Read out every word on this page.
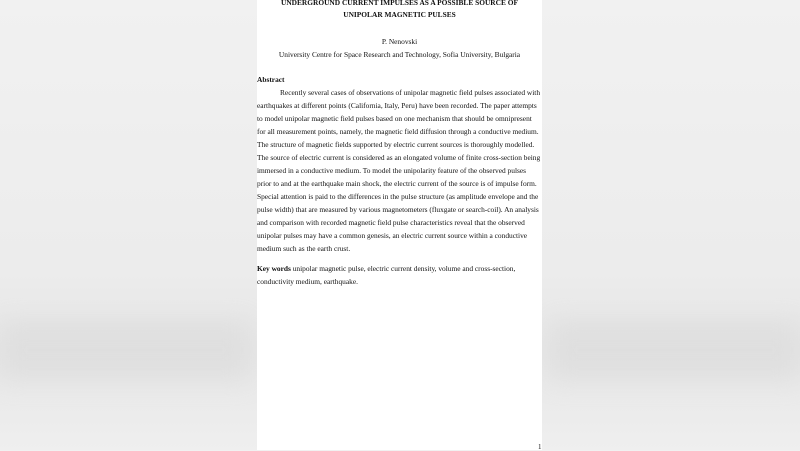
UNDERGROUND CURRENT IMPULSES AS A POSSIBLE SOURCE OF
UNIPOLAR MAGNETIC PULSES
P. Nenovski
University Centre for Space Research and Technology, Sofia University, Bulgaria
Abstract
Recently several cases of observations of unipolar magnetic field pulses associated with
earthquakes at different points (California, Italy, Peru) have been recorded. The paper attempts
to model unipolar magnetic field pulses based on one mechanism that should be omnipresent
for all measurement points, namely, the magnetic field diffusion through a conductive medium.
The structure of magnetic fields supported by electric current sources is thoroughly modelled.
The source of electric current is considered as an elongated volume of finite cross-section being
immersed in a conductive medium. To model the unipolarity feature of the observed pulses
prior to and at the earthquake main shock, the electric current of the source is of impulse form.
Special attention is paid to the differences in the pulse structure (as amplitude envelope and the
pulse width) that are measured by various magnetometers (fluxgate or search-coil). An analysis
and comparison with recorded magnetic field pulse characteristics reveal that the observed
unipolar pulses may have a common genesis, an electric current source within a conductive
medium such as the earth crust.
Key words unipolar magnetic pulse, electric current density, volume and cross-section,
conductivity medium, earthquake.
1
